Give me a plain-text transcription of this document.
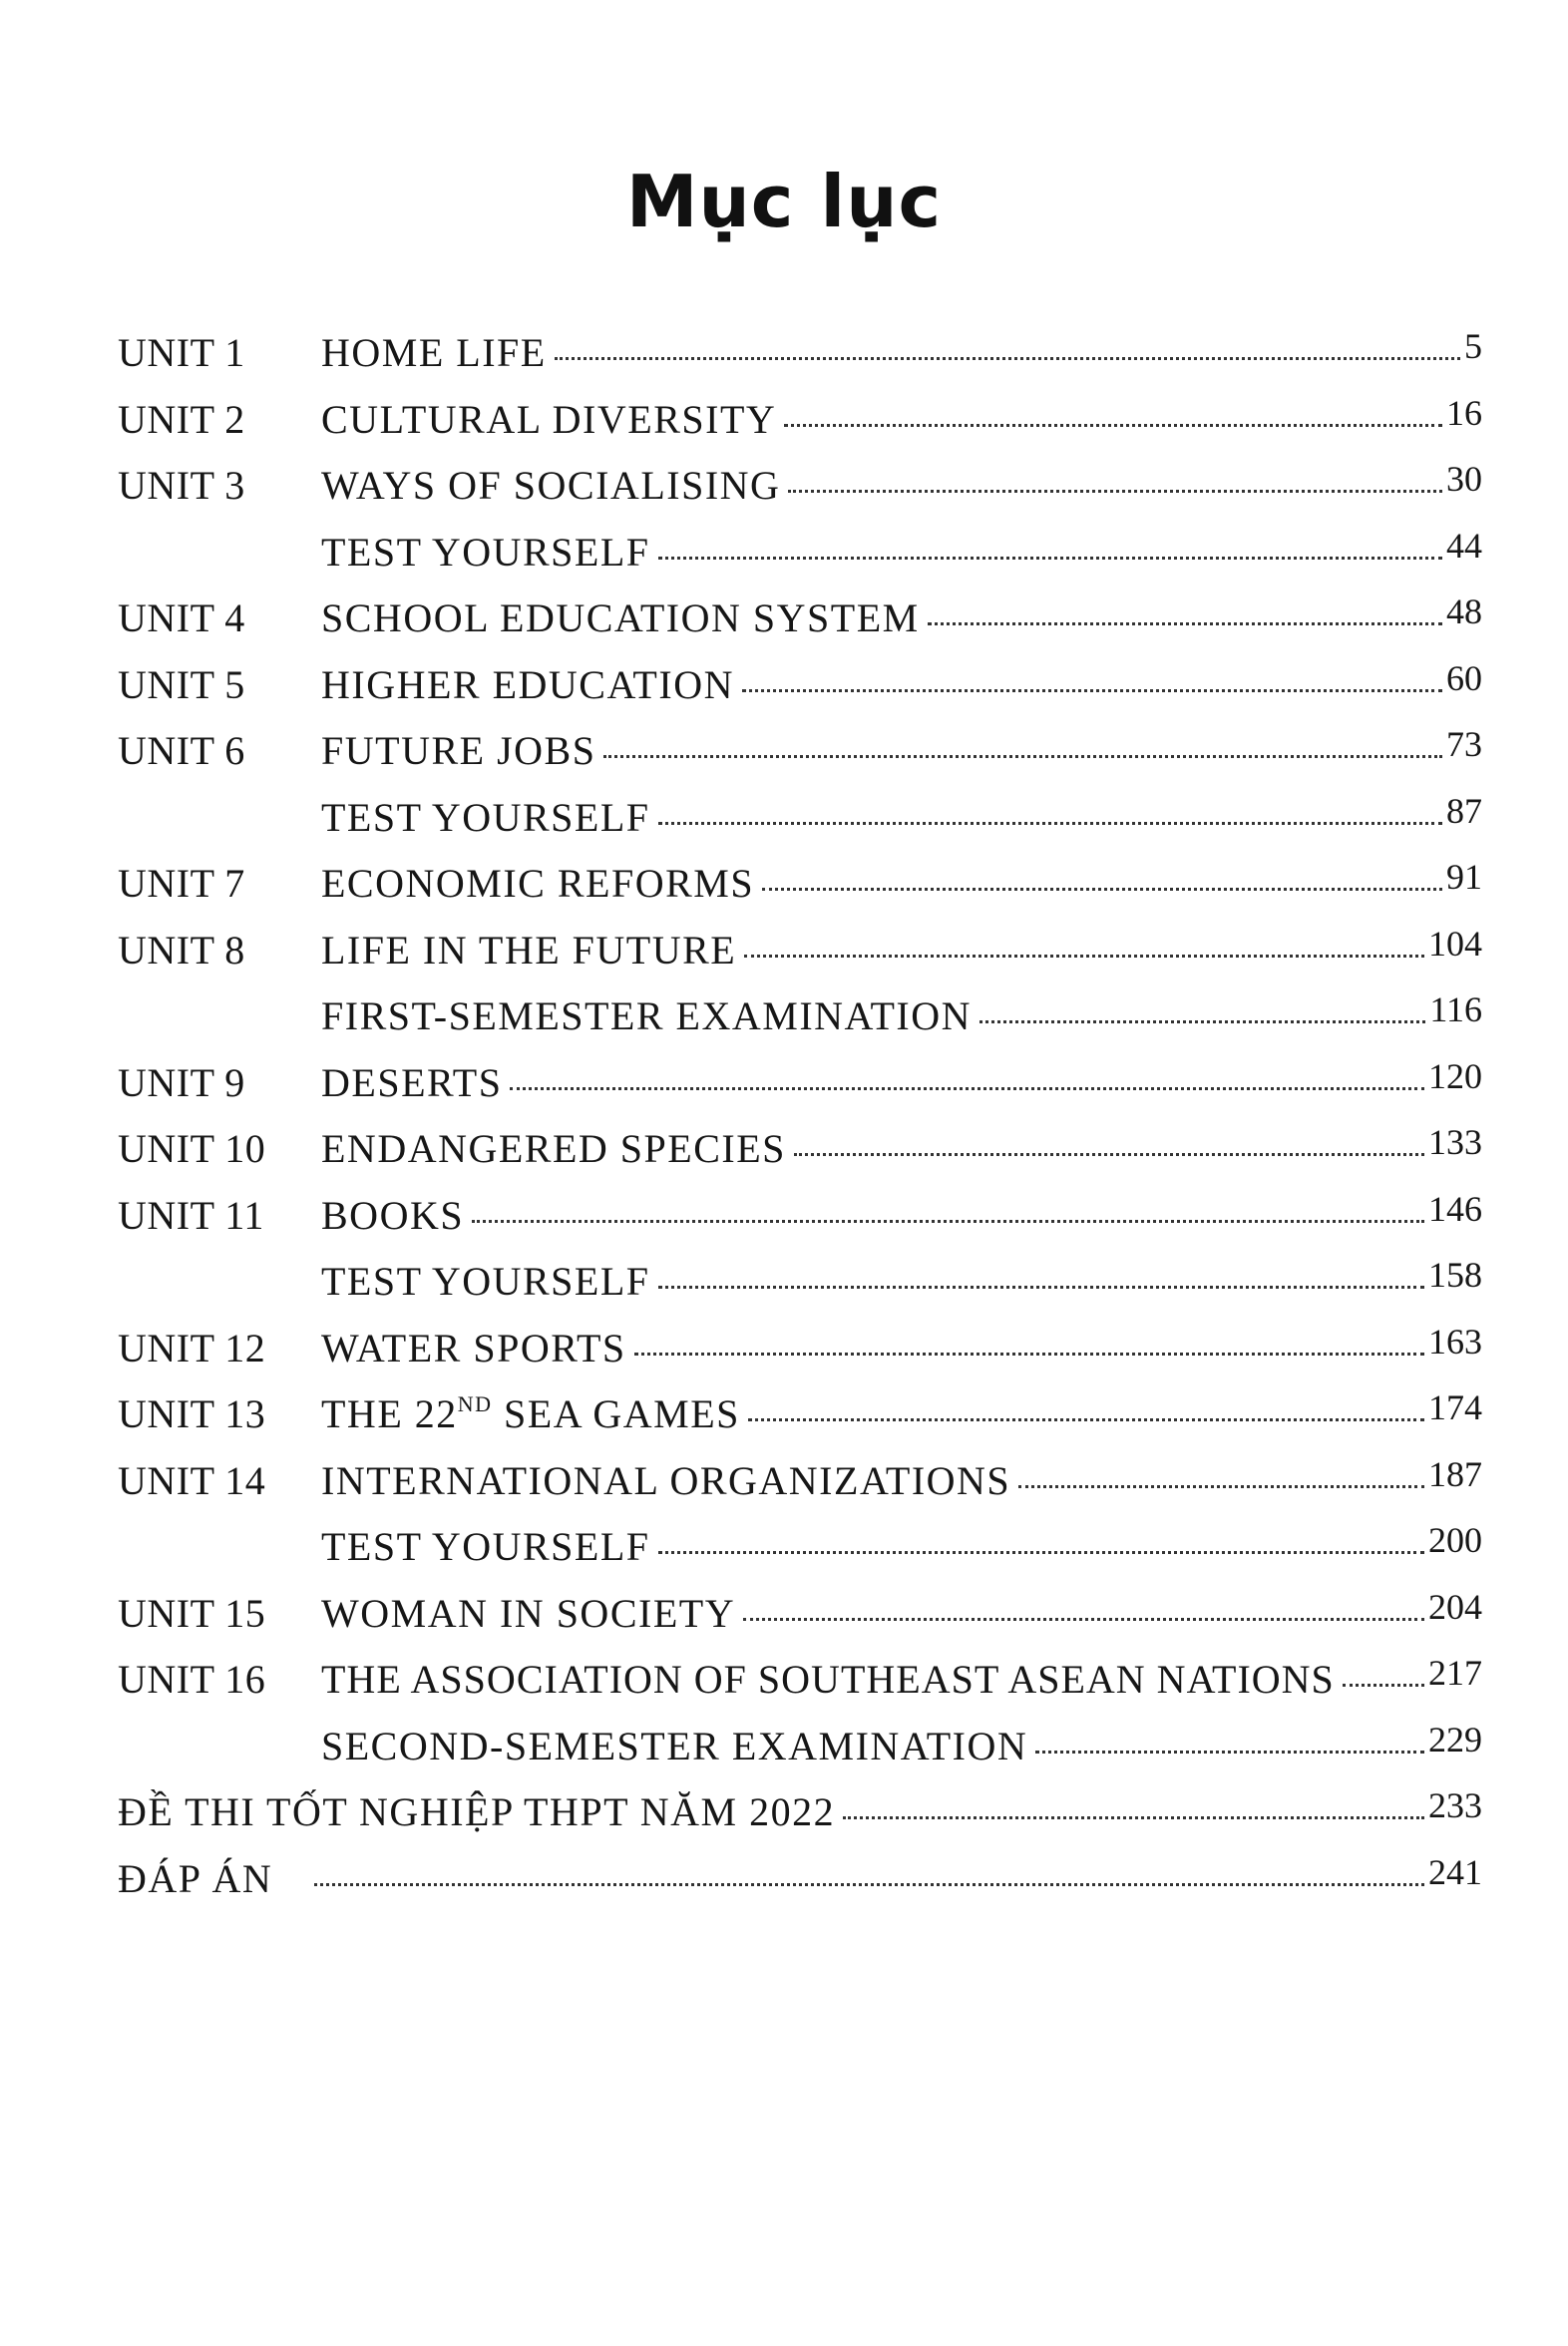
Mục lục
UNIT 1	HOME LIFE	5
UNIT 2	CULTURAL DIVERSITY	16
UNIT 3	WAYS OF SOCIALISING	30
TEST YOURSELF	44
UNIT 4	SCHOOL EDUCATION SYSTEM	48
UNIT 5	HIGHER EDUCATION	60
UNIT 6	FUTURE JOBS	73
TEST YOURSELF	87
UNIT 7	ECONOMIC REFORMS	91
UNIT 8	LIFE IN THE FUTURE	104
FIRST-SEMESTER EXAMINATION	116
UNIT 9	DESERTS	120
UNIT 10	ENDANGERED SPECIES	133
UNIT 11	BOOKS	146
TEST YOURSELF	158
UNIT 12	WATER SPORTS	163
UNIT 13	THE 22ND SEA GAMES	174
UNIT 14	INTERNATIONAL ORGANIZATIONS	187
TEST YOURSELF	200
UNIT 15	WOMAN IN SOCIETY	204
UNIT 16	THE ASSOCIATION OF SOUTHEAST ASEAN NATIONS	217
SECOND-SEMESTER EXAMINATION	229
ĐỀ THI TỐT NGHIỆP THPT NĂM 2022	233
ĐÁP ÁN	241
